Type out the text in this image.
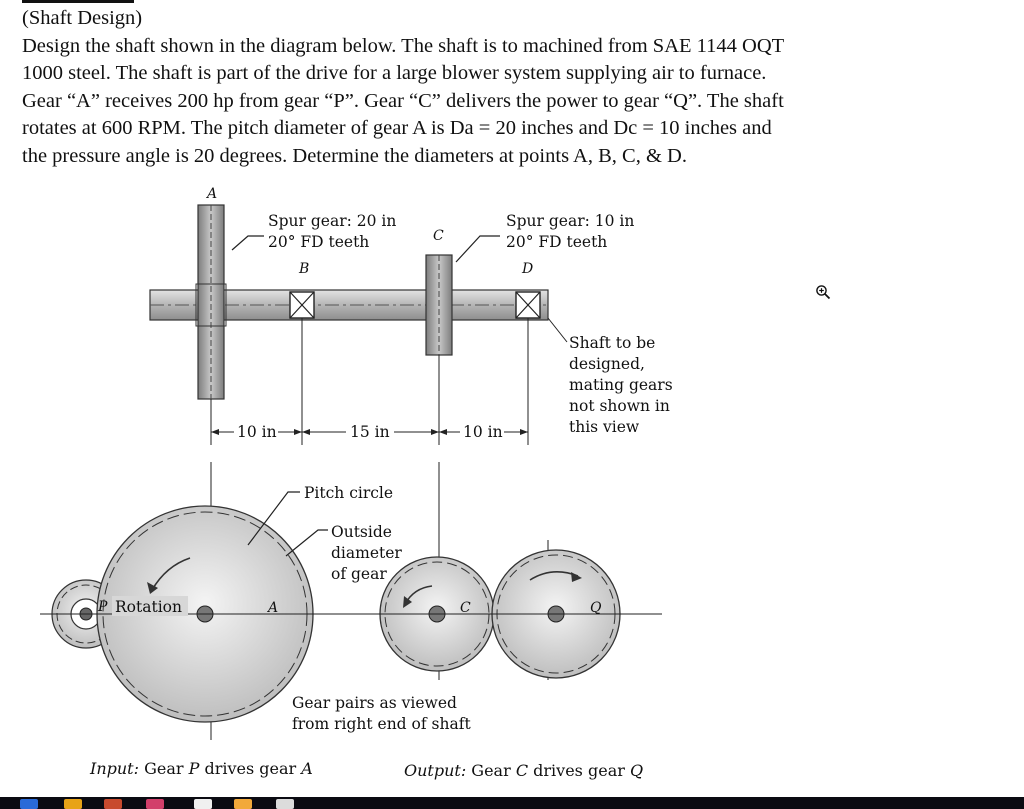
(Shaft Design)

Design the shaft shown in the diagram below. The shaft is to machined from SAE 1144 OQT

1000 steel. The shaft is part of the drive for a large blower system supplying air to furnace.

Gear “A” receives 200 hp from gear “P”. Gear “C” delivers the power to gear “Q”. The shaft

rotates at 600 RPM. The pitch diameter of gear A is Da = 20 inches and Dc = 10 inches and

the pressure angle is 20 degrees. Determine the diameters at points A, B, C, & D.

A
B
C
D
Spur gear: 20 in
20° FD teeth
Spur gear: 10 in
20° FD teeth
Shaft to be
designed,
mating gears
not shown in
this view
10 in	15 in	10 in
Pitch circle
Outside
diameter
of gear
P Rotation	A	C	Q
Gear pairs as viewed
from right end of shaft
Input: Gear P drives gear A	Output: Gear C drives gear Q
